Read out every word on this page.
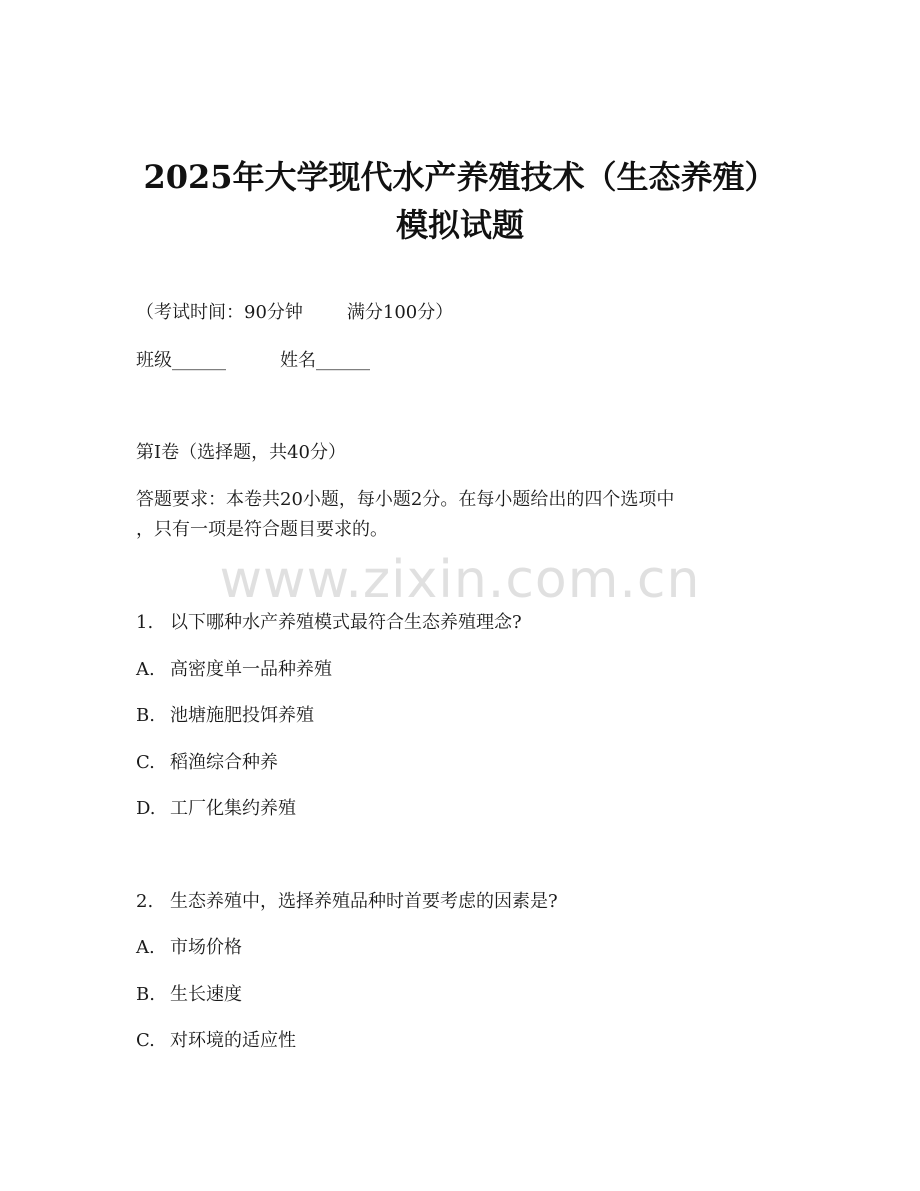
2025年大学现代水产养殖技术（生态养殖）
模拟试题
（考试时间：90分钟 满分100分）
班级______	姓名______
第I卷（选择题，共40分）
答题要求：本卷共20小题，每小题2分。在每小题给出的四个选项中
，只有一项是符合题目要求的。
www.zixin.com.cn
1. 以下哪种水产养殖模式最符合生态养殖理念?
A. 高密度单一品种养殖
B. 池塘施肥投饵养殖
C. 稻渔综合种养
D. 工厂化集约养殖
2. 生态养殖中，选择养殖品种时首要考虑的因素是?
A. 市场价格
B. 生长速度
C. 对环境的适应性
